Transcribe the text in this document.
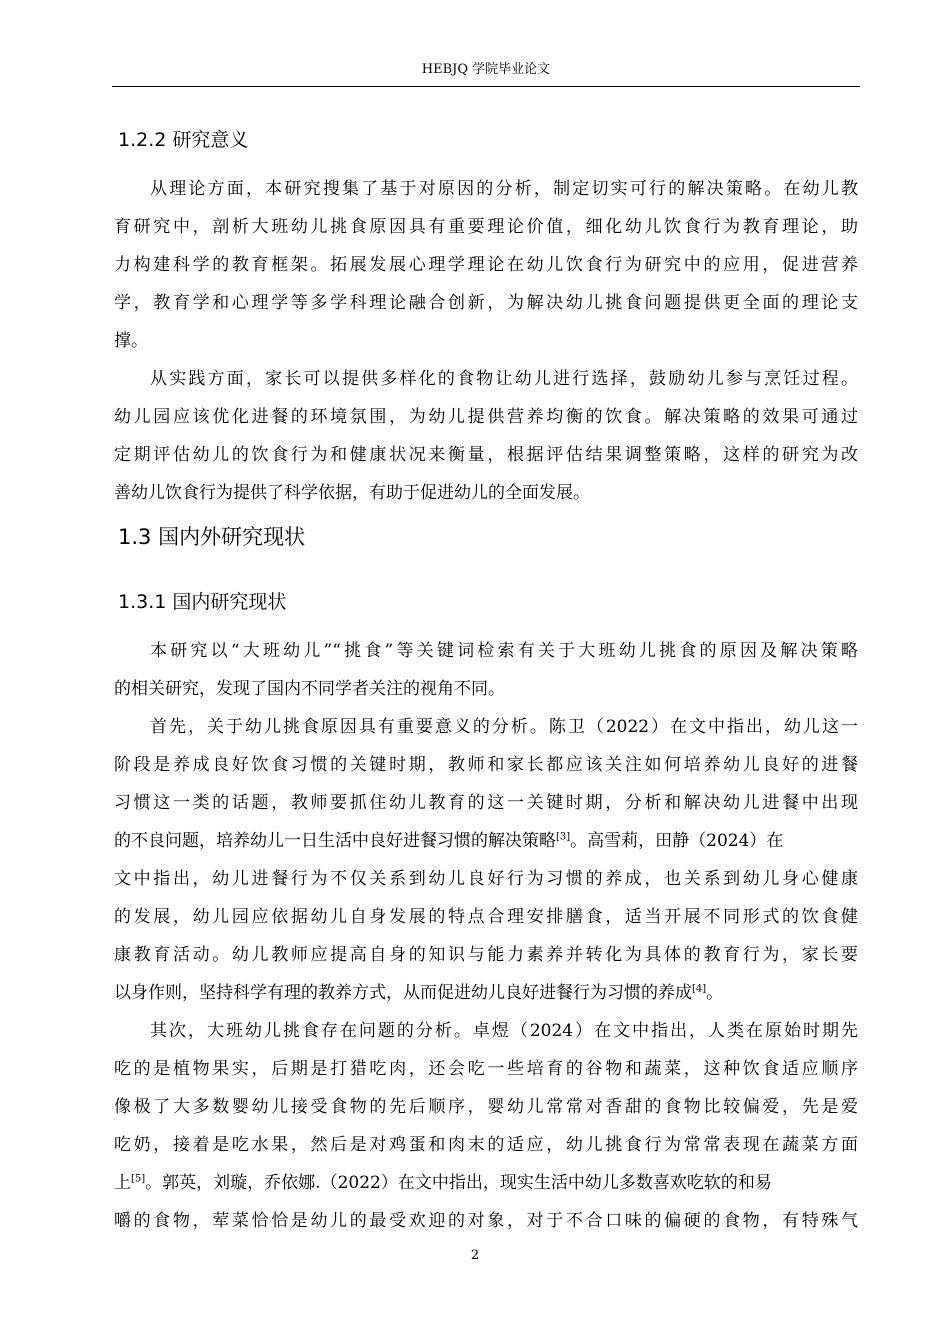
HEBJQ 学院毕业论文
1.2.2 研究意义
从理论方面，本研究搜集了基于对原因的分析，制定切实可行的解决策略。在幼儿教
育研究中，剖析大班幼儿挑食原因具有重要理论价值，细化幼儿饮食行为教育理论，助
力构建科学的教育框架。拓展发展心理学理论在幼儿饮食行为研究中的应用，促进营养
学，教育学和心理学等多学科理论融合创新，为解决幼儿挑食问题提供更全面的理论支
撑。
从实践方面，家长可以提供多样化的食物让幼儿进行选择，鼓励幼儿参与烹饪过程。
幼儿园应该优化进餐的环境氛围，为幼儿提供营养均衡的饮食。解决策略的效果可通过
定期评估幼儿的饮食行为和健康状况来衡量，根据评估结果调整策略，这样的研究为改
善幼儿饮食行为提供了科学依据，有助于促进幼儿的全面发展。
1.3 国内外研究现状
1.3.1 国内研究现状
本研究以“大班幼儿”“挑食”等关键词检索有关于大班幼儿挑食的原因及解决策略
的相关研究，发现了国内不同学者关注的视角不同。
首先，关于幼儿挑食原因具有重要意义的分析。陈卫（2022）在文中指出，幼儿这一
阶段是养成良好饮食习惯的关键时期，教师和家长都应该关注如何培养幼儿良好的进餐
习惯这一类的话题，教师要抓住幼儿教育的这一关键时期，分析和解决幼儿进餐中出现
的不良问题，培养幼儿一日生活中良好进餐习惯的解决策略[3]。高雪莉，田静（2024）在
文中指出，幼儿进餐行为不仅关系到幼儿良好行为习惯的养成，也关系到幼儿身心健康
的发展，幼儿园应依据幼儿自身发展的特点合理安排膳食，适当开展不同形式的饮食健
康教育活动。幼儿教师应提高自身的知识与能力素养并转化为具体的教育行为，家长要
以身作则，坚持科学有理的教养方式，从而促进幼儿良好进餐行为习惯的养成[4]。
其次，大班幼儿挑食存在问题的分析。卓煜（2024）在文中指出，人类在原始时期先
吃的是植物果实，后期是打猎吃肉，还会吃一些培育的谷物和蔬菜，这种饮食适应顺序
像极了大多数婴幼儿接受食物的先后顺序，婴幼儿常常对香甜的食物比较偏爱，先是爱
吃奶，接着是吃水果，然后是对鸡蛋和肉末的适应，幼儿挑食行为常常表现在蔬菜方面
上[5]。郭英，刘璇，乔依娜.（2022）在文中指出，现实生活中幼儿多数喜欢吃软的和易
嚼的食物，荤菜恰恰是幼儿的最受欢迎的对象，对于不合口味的偏硬的食物，有特殊气
2
